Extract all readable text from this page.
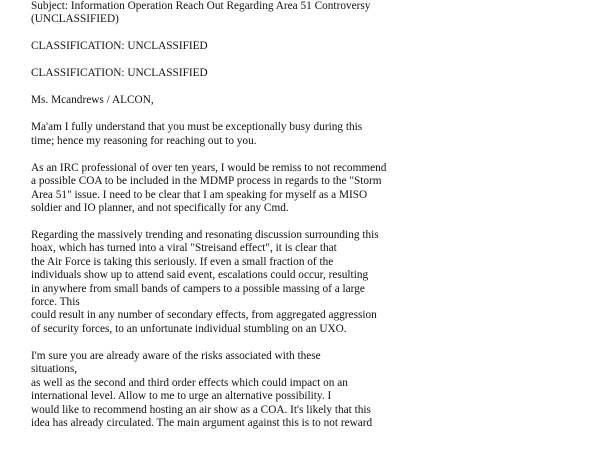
Subject: Information Operation Reach Out Regarding Area 51 Controversy
(UNCLASSIFIED)
CLASSIFICATION: UNCLASSIFIED
CLASSIFICATION: UNCLASSIFIED
Ms. Mcandrews / ALCON,
Ma'am I fully understand that you must be exceptionally busy during this
time; hence my reasoning for reaching out to you.
As an IRC professional of over ten years, I would be remiss to not recommend
a possible COA to be included in the MDMP process in regards to the "Storm
Area 51" issue. I need to be clear that I am speaking for myself as a MISO
soldier and IO planner, and not specifically for any Cmd.
Regarding the massively trending and resonating discussion surrounding this
hoax, which has turned into a viral "Streisand effect", it is clear that
the Air Force is taking this seriously. If even a small fraction of the
individuals show up to attend said event, escalations could occur, resulting
in anywhere from small bands of campers to a possible massing of a large
force. This
could result in any number of secondary effects, from aggregated aggression
of security forces, to an unfortunate individual stumbling on an UXO.
I'm sure you are already aware of the risks associated with these
situations,
as well as the second and third order effects which could impact on an
international level. Allow to me to urge an alternative possibility. I
would like to recommend hosting an air show as a COA. It's likely that this
idea has already circulated. The main argument against this is to not reward
